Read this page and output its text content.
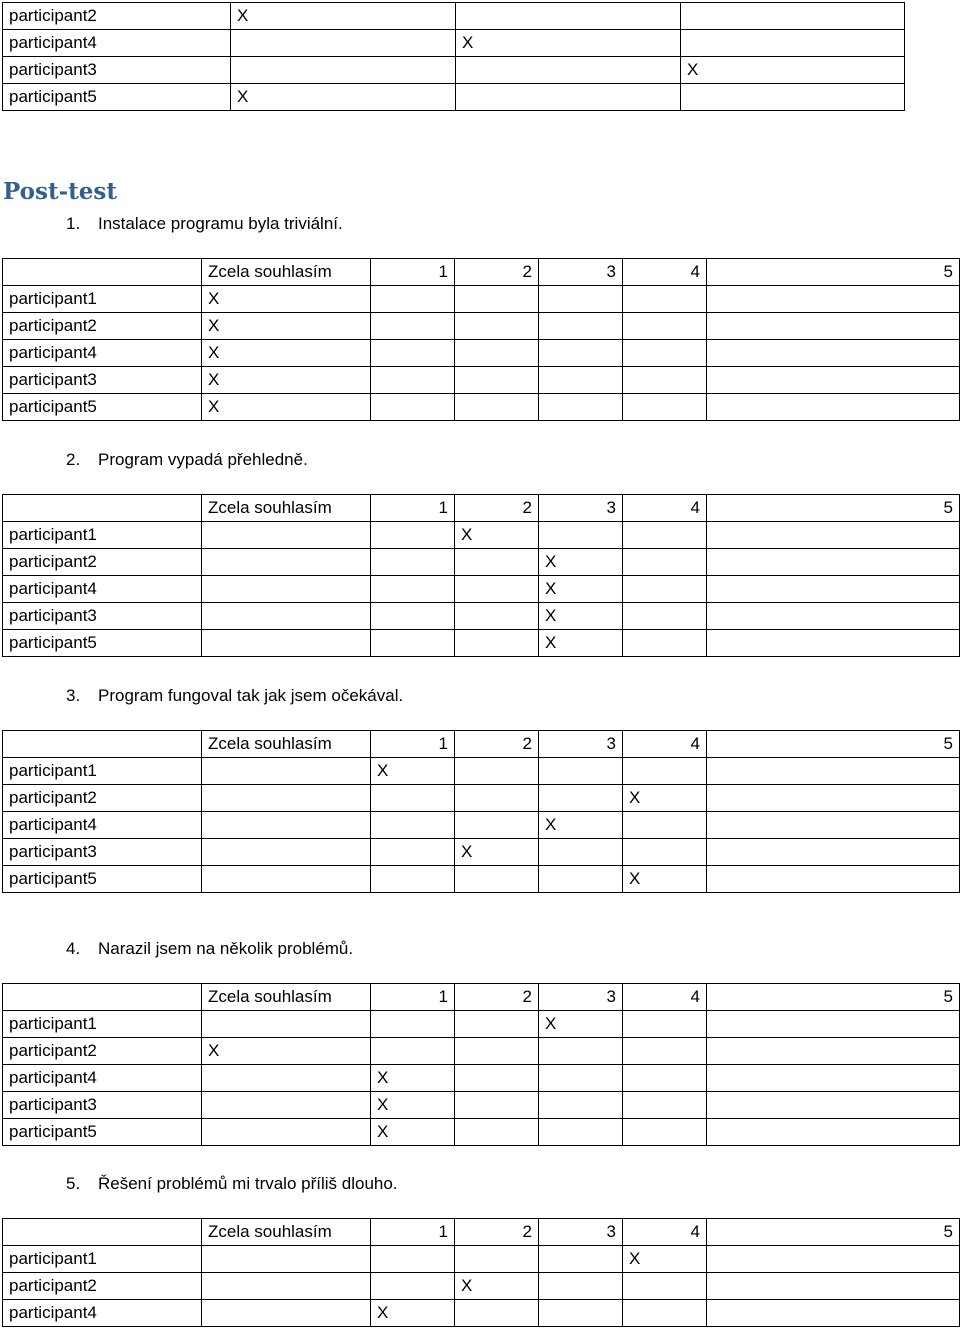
participant2	X		
participant4		X	
participant3			X
participant5	X		
Post-test

1. Instalace programu byla triviální.

	Zcela souhlasím	1	2	3	4	5	
participant1	X						
participant2	X						
participant4	X						
participant3	X						
participant5	X						

2. Program vypadá přehledně.

	Zcela souhlasím	1	2	3	4	5	
participant1			X				
participant2				X			
participant4				X			
participant3				X			
participant5				X			

3. Program fungoval tak jak jsem očekával.

	Zcela souhlasím	1	2	3	4	5	
participant1		X					
participant2					X		
participant4				X			
participant3			X				
participant5					X		

4. Narazil jsem na několik problémů.

	Zcela souhlasím	1	2	3	4	5	
participant1				X			
participant2	X						
participant4		X					
participant3		X					
participant5		X					

5. Řešení problémů mi trvalo příliš dlouho.

	Zcela souhlasím	1	2	3	4	5	
participant1					X		
participant2			X				
participant4		X					
